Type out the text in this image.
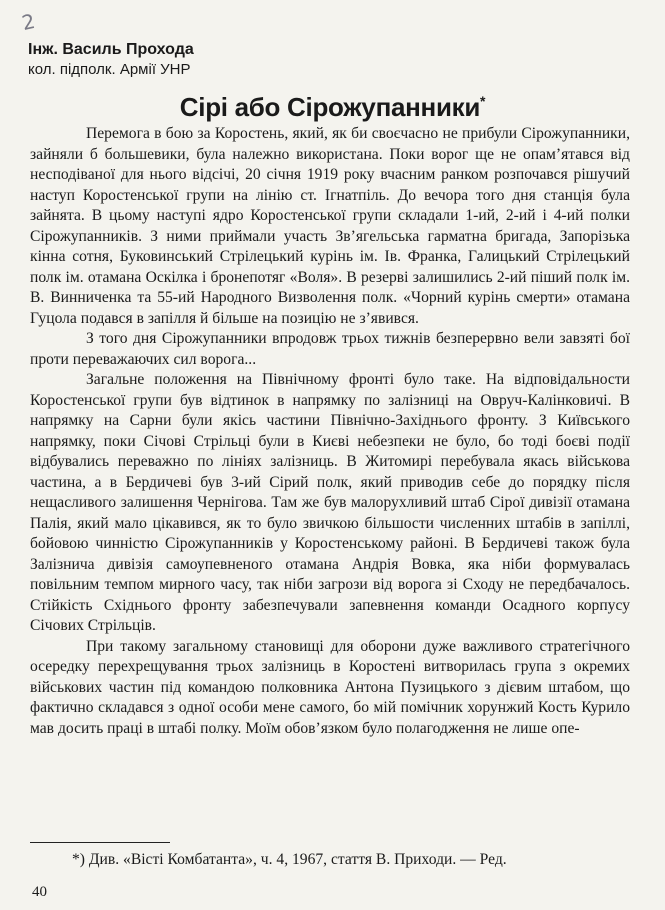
2
Інж. Василь Прохода
кол. підполк. Армії УНР
Сірі або Сірожупанники*

Перемога в бою за Коростень, який, як би своєчасно не прибули Сірожупанники, зайняли б большевики, була належно використана. Поки ворог ще не опам’ятався від несподіваної для нього відсічі, 20 січня 1919 року вчасним ранком розпочався рішучий наступ Коростенської групи на лінію ст. Ігнатпіль. До вечора того дня станція була зайнята. В цьому наступі ядро Коростенської групи складали 1-ий, 2-ий і 4-ий полки Сірожупанників. З ними приймали участь Зв’ягельська гарматна бригада, Запорізька кінна сотня, Буковинський Стрілецький курінь ім. Ів. Франка, Галицький Стрілецький полк ім. отамана Оскілка і бронепотяг «Воля». В резерві залишились 2-ий піший полк ім. В. Винниченка та 55-ий Народного Визволення полк. «Чорний курінь смерти» отамана Гуцола подався в запілля й більше на позицію не з’явився.

З того дня Сірожупанники впродовж трьох тижнів безперервно вели завзяті бої проти переважаючих сил ворога...

Загальне положення на Північному фронті було таке. На відповідальности Коростенської групи був відтинок в напрямку по залізниці на Овруч-Калінковичі. В напрямку на Сарни були якісь частини Північно-Західнього фронту. З Київського напрямку, поки Січові Стрільці були в Києві небезпеки не було, бо тоді боєві події відбувались переважно по лініях залізниць. В Житомирі перебувала якась військова частина, а в Бердичеві був 3-ий Сірий полк, який приводив себе до порядку після нещасливого залишення Чернігова. Там же був малорухливий штаб Сірої дивізії отамана Палія, який мало цікавився, як то було звичкою більшости численних штабів в запіллі, бойовою чинністю Сірожупанників у Коростенському районі. В Бердичеві також була Залізнича дивізія самоупевненого отамана Андрія Вовка, яка ніби формувалась повільним темпом мирного часу, так ніби загрози від ворога зі Сходу не передбачалось. Стійкість Східнього фронту забезпечували запевнення команди Осадного корпусу Січових Стрільців.

При такому загальному становищі для оборони дуже важливого стратегічного осередку перехрещування трьох залізниць в Коростені витворилась група з окремих військових частин під командою полковника Антона Пузицького з дієвим штабом, що фактично складався з одної особи мене самого, бо мій помічник хорунжий Кость Курило мав досить праці в штабі полку. Моїм обов’язком було полагодження не лише опе-

*) Див. «Вісті Комбатанта», ч. 4, 1967, стаття В. Приходи. — Ред.
40
